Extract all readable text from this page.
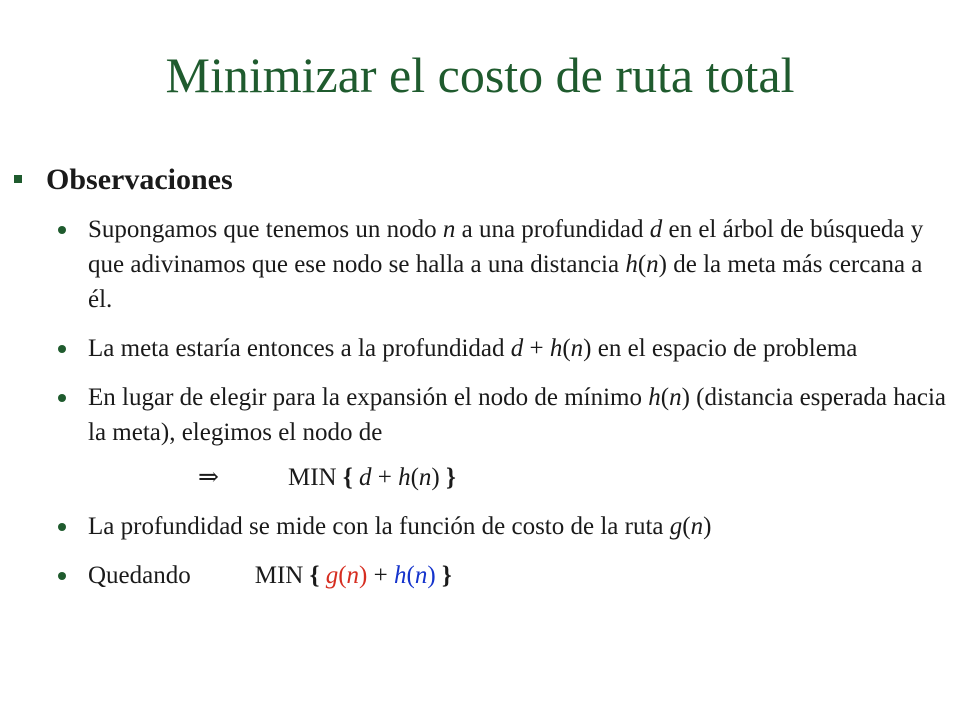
Minimizar el costo de ruta total
Observaciones
Supongamos que tenemos un nodo n a una profundidad d en el árbol de búsqueda y que adivinamos que ese nodo se halla a una distancia h(n) de la meta más cercana a él.
La meta estaría entonces a la profundidad d + h(n) en el espacio de problema
En lugar de elegir para la expansión el nodo de mínimo h(n) (distancia esperada hacia la meta), elegimos el nodo de
⇒	MIN { d + h(n) }
La profundidad se mide con la función de costo de la ruta g(n)
Quedando	MIN { g(n) + h(n) }
